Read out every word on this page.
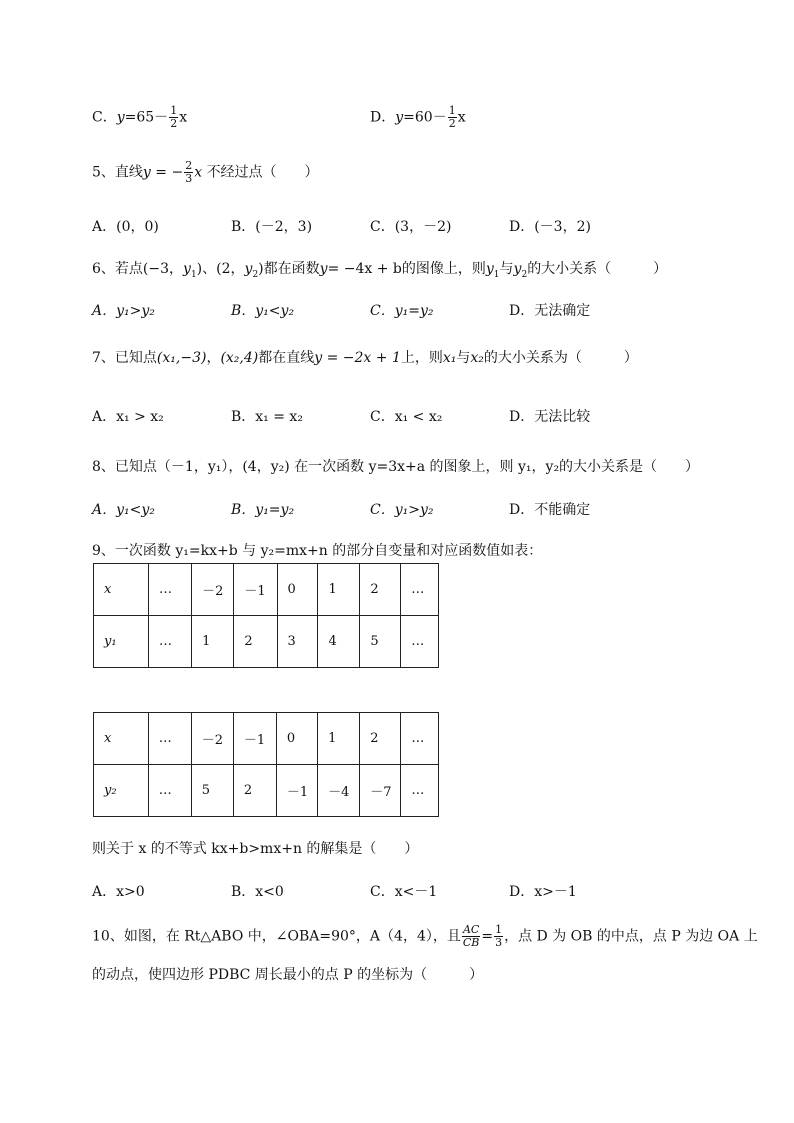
C．$y=65- \frac{1}{2}$ x	D．$y=60- \frac{1}{2}$ x
5、直线y = − $\frac{2}{3}$ x 不经过点（　　）
A．(0，0)	B．(－2，3)	C．(3，－2)	D．(－3，2)
6、若点(−3，$y_1$)、(2，$y_2$)都在函数y= −4x + b的图像上，则$y_1$与$y_2$的大小关系（　　　）
A．y₁>y₂	B．y₁<y₂	C．y₁=y₂	D．无法确定
7、已知点(x₁,−3)，(x₂,4)都在直线y = −2x + 1上，则x₁与x₂的大小关系为（　　　）
A．x₁ > x₂	B．x₁ = x₂	C．x₁ < x₂	D．无法比较
8、已知点（－1，y₁），(4，y₂) 在一次函数 y=3x+a 的图象上，则 y₁，y₂的大小关系是（　　）
A．y₁<y₂	B．y₁=y₂	C．y₁>y₂	D．不能确定
9、一次函数 y₁=kx+b 与 y₂=mx+n 的部分自变量和对应函数值如表：
x	…	－2	－1	0	1	2	…
y₁	…	1	2	3	4	5	…
x	…	－2	－1	0	1	2	…
y₂	…	5	2	－1	－4	－7	…
则关于 x 的不等式 kx+b>mx+n 的解集是（　　）
A．x>0	B．x<0	C．x<－1	D．x>－1
10、如图，在 Rt△ABO 中，∠OBA=90°，A（4，4），且 $\frac{AC}{CB} = \frac{1}{3}$ ，点 D 为 OB 的中点，点 P 为边 OA 上
的动点，使四边形 PDBC 周长最小的点 P 的坐标为（　　　）
